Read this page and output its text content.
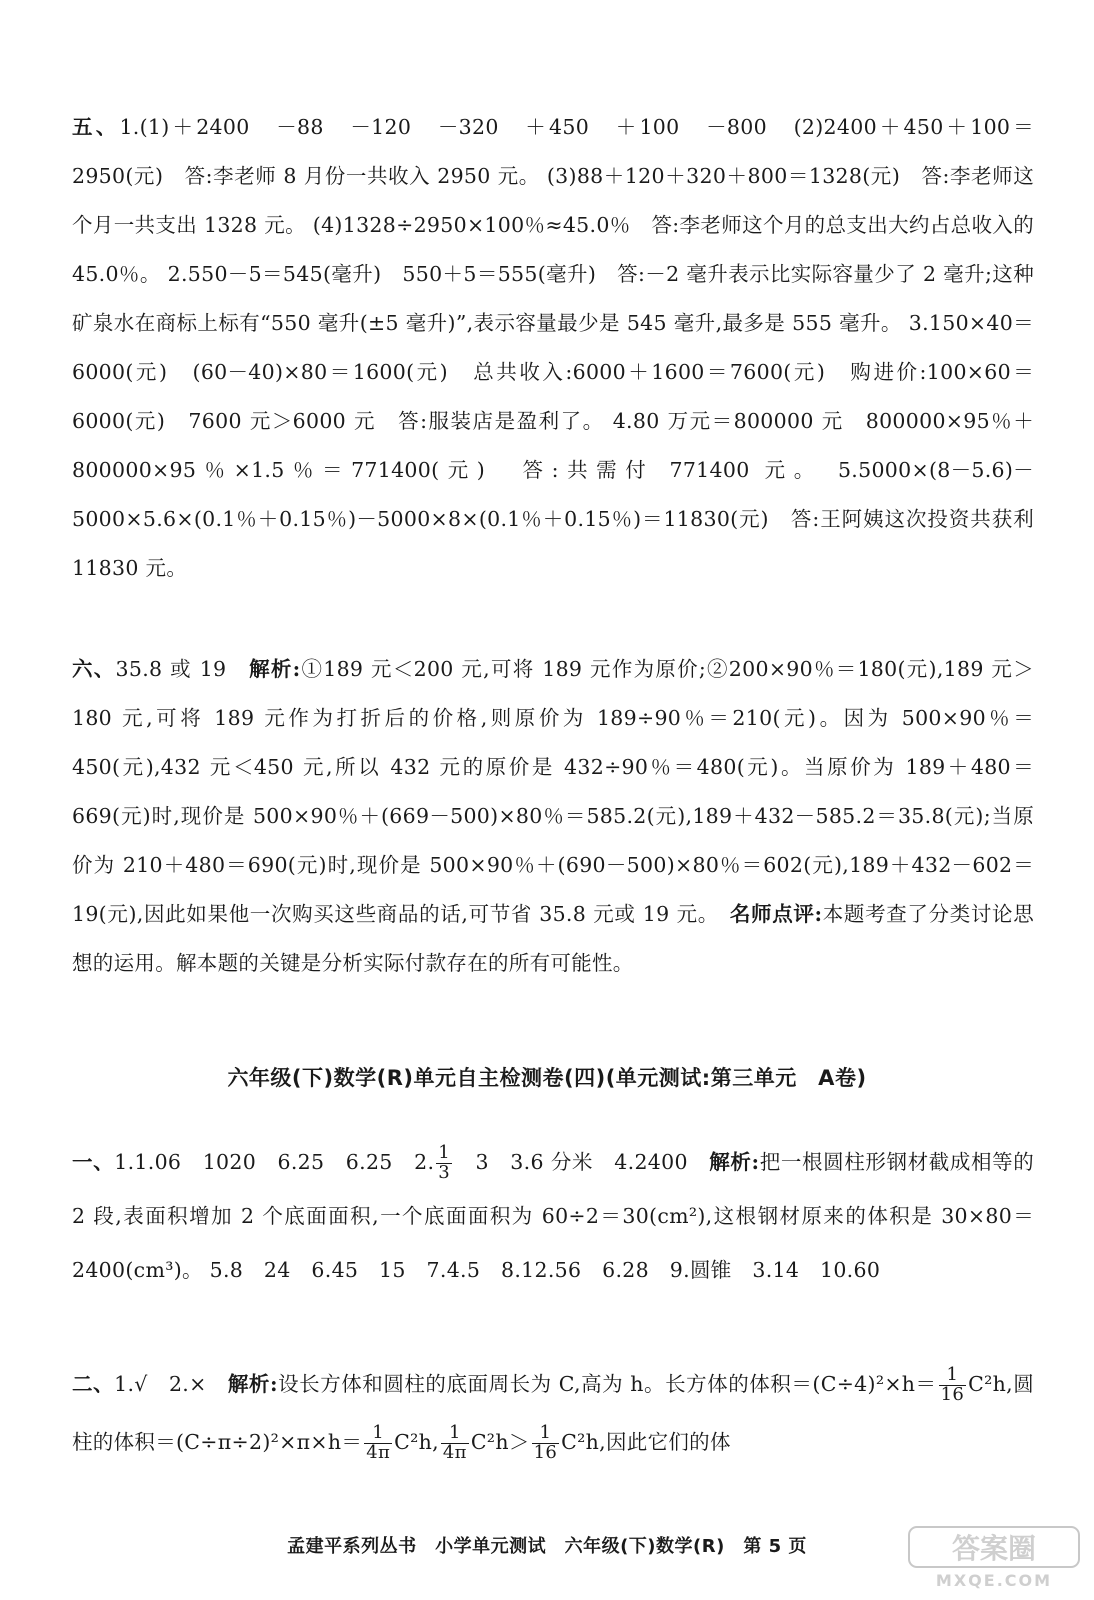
五、1.(1)＋2400　－88　－120　－320　＋450　＋100　－800　(2)2400＋450＋100＝2950(元)　答:李老师 8 月份一共收入 2950 元。 (3)88＋120＋320＋800＝1328(元)　答:李老师这个月一共支出 1328 元。 (4)1328÷2950×100％≈45.0％　答:李老师这个月的总支出大约占总收入的 45.0％。 2.550－5＝545(毫升)　550＋5＝555(毫升)　答:－2 毫升表示比实际容量少了 2 毫升;这种矿泉水在商标上标有“550 毫升(±5 毫升)”,表示容量最少是 545 毫升,最多是 555 毫升。 3.150×40＝6000(元)　(60－40)×80＝1600(元)　总共收入:6000＋1600＝7600(元)　购进价:100×60＝6000(元)　7600 元＞6000 元　答:服装店是盈利了。 4.80 万元＝800000 元　800000×95％＋800000×95％×1.5％＝771400(元)　答:共需付 771400 元。 5.5000×(8－5.6)－5000×5.6×(0.1％＋0.15％)－5000×8×(0.1％＋0.15％)＝11830(元)　答:王阿姨这次投资共获利 11830 元。
六、35.8 或 19　 解析:①189 元＜200 元,可将 189 元作为原价;②200×90％＝180(元),189 元＞180 元,可将 189 元作为打折后的价格,则原价为 189÷90％＝210(元)。因为 500×90％＝450(元),432 元＜450 元,所以 432 元的原价是 432÷90％＝480(元)。当原价为 189＋480＝669(元)时,现价是 500×90％＋(669－500)×80％＝585.2(元),189＋432－585.2＝35.8(元);当原价为 210＋480＝690(元)时,现价是 500×90％＋(690－500)×80％＝602(元),189＋432－602＝19(元),因此如果他一次购买这些商品的话,可节省 35.8 元或 19 元。　 名师点评:本题考查了分类讨论思想的运用。解本题的关键是分析实际付款存在的所有可能性。
六年级(下)数学(R)单元自主检测卷(四)(单元测试:第三单元　A卷)
一、1.1.06　1020　6.25　6.25　2. $\frac{1}{3}$ 　3　3.6 分米　4.2400　解析:把一根圆柱形钢材截成相等的 2 段,表面积增加 2 个底面面积,一个底面面积为 60÷2＝30(cm²),这根钢材原来的体积是 30×80＝2400(cm³)。 5.8　24　6.45　15　7.4.5　8.12.56　6.28　9.圆锥　3.14　10.60
二、1.√　2.×　解析:设长方体和圆柱的底面周长为 C,高为 h。长方体的体积$=(C\div 4)^2\times h= \frac{1}{16} C^2h$,圆柱的体积$=(C\div\pi\div 2)^2\times\pi\times h= \frac{1}{4\pi} C^2h$, $\frac{1}{4\pi} C^2h> \frac{1}{16} C^2h$,因此它们的体
孟建平系列丛书　小学单元测试　六年级(下)数学(R)　第 5 页	答案圈
MXQE.COM
